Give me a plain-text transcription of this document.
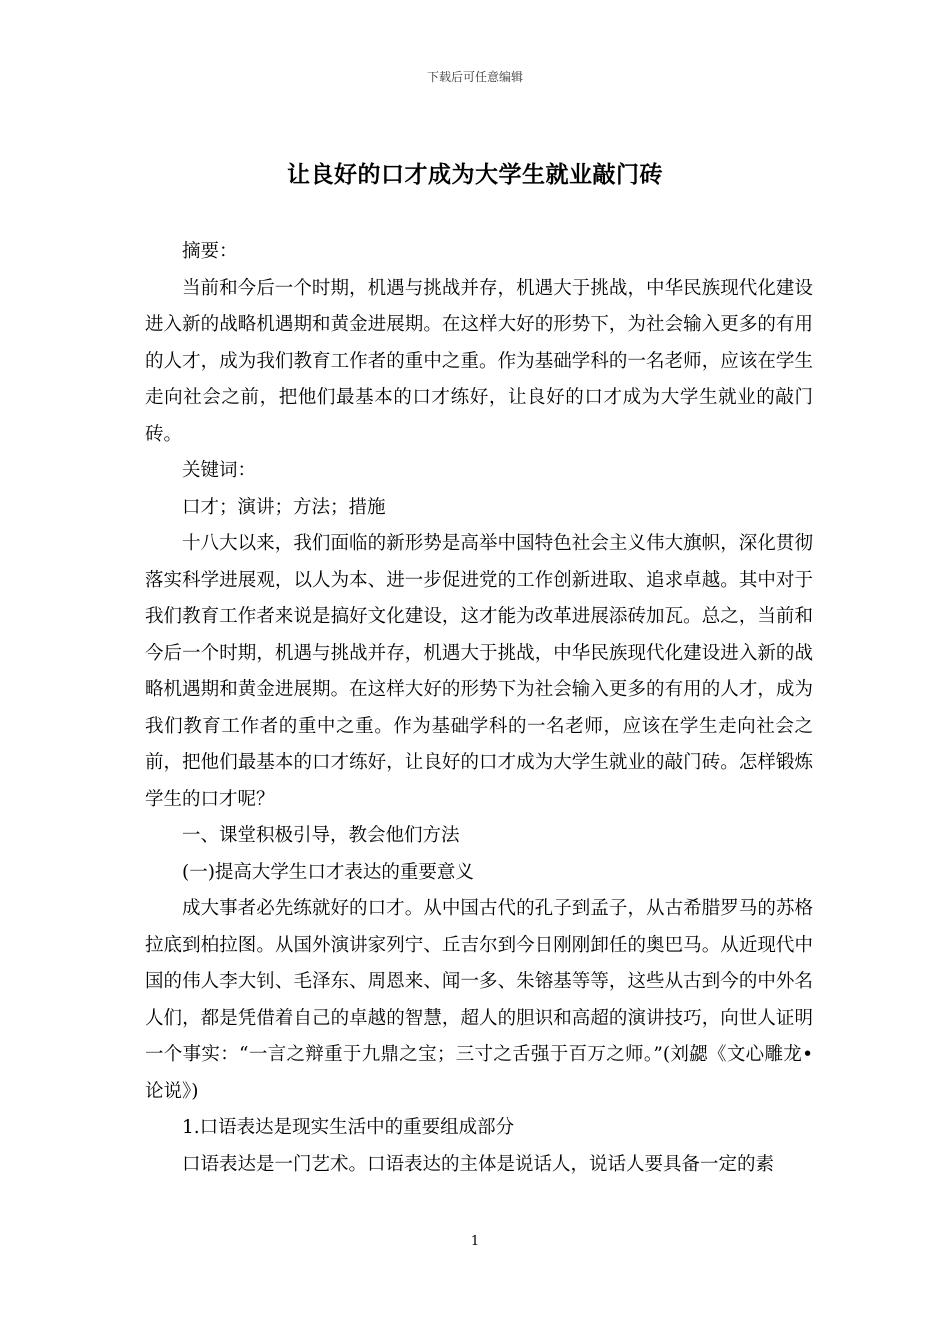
下载后可任意编辑
让良好的口才成为大学生就业敲门砖

摘要：

当前和今后一个时期，机遇与挑战并存，机遇大于挑战，中华民族现代化建设进入新的战略机遇期和黄金进展期。在这样大好的形势下，为社会输入更多的有用的人才，成为我们教育工作者的重中之重。作为基础学科的一名老师，应该在学生走向社会之前，把他们最基本的口才练好，让良好的口才成为大学生就业的敲门砖。

关键词：

口才；演讲；方法；措施

十八大以来，我们面临的新形势是高举中国特色社会主义伟大旗帜，深化贯彻落实科学进展观，以人为本、进一步促进党的工作创新进取、追求卓越。其中对于我们教育工作者来说是搞好文化建设，这才能为改革进展添砖加瓦。总之，当前和今后一个时期，机遇与挑战并存，机遇大于挑战，中华民族现代化建设进入新的战略机遇期和黄金进展期。在这样大好的形势下为社会输入更多的有用的人才，成为我们教育工作者的重中之重。作为基础学科的一名老师，应该在学生走向社会之前，把他们最基本的口才练好，让良好的口才成为大学生就业的敲门砖。怎样锻炼学生的口才呢？

一、课堂积极引导，教会他们方法

(一)提高大学生口才表达的重要意义

成大事者必先练就好的口才。从中国古代的孔子到孟子，从古希腊罗马的苏格拉底到柏拉图。从国外演讲家列宁、丘吉尔到今日刚刚卸任的奥巴马。从近现代中国的伟人李大钊、毛泽东、周恩来、闻一多、朱镕基等等，这些从古到今的中外名人们，都是凭借着自己的卓越的智慧，超人的胆识和高超的演讲技巧，向世人证明一个事实：“一言之辩重于九鼎之宝；三寸之舌强于百万之师。”(刘勰《文心雕龙•论说》)

1.口语表达是现实生活中的重要组成部分

口语表达是一门艺术。口语表达的主体是说话人，说话人要具备一定的素

1
